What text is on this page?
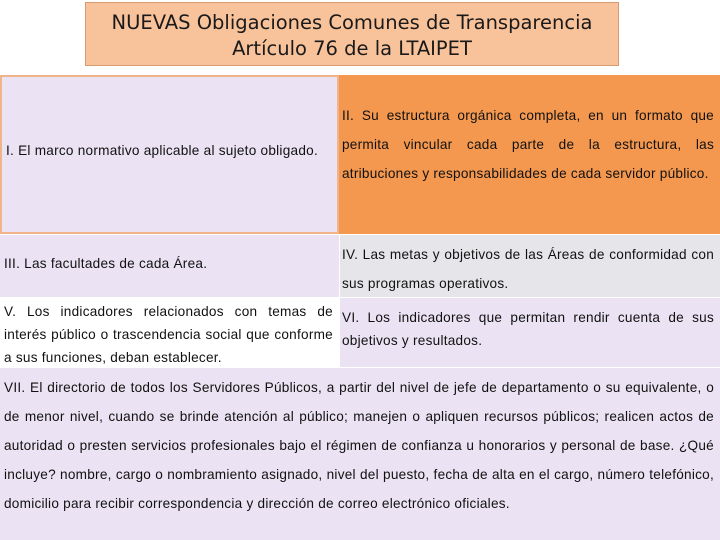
NUEVAS Obligaciones Comunes de Transparencia
Artículo 76 de la LTAIPET
I. El marco normativo aplicable al sujeto obligado.
II. Su estructura orgánica completa, en un formato que permita vincular cada parte de la estructura, las atribuciones y responsabilidades de cada servidor público.
III. Las facultades de cada Área.
IV. Las metas y objetivos de las Áreas de conformidad con sus programas operativos.
V. Los indicadores relacionados con temas de interés público o trascendencia social que conforme a sus funciones, deban establecer.
VI. Los indicadores que permitan rendir cuenta de sus objetivos y resultados.
VII. El directorio de todos los Servidores Públicos, a partir del nivel de jefe de departamento o su equivalente, o de menor nivel, cuando se brinde atención al público; manejen o apliquen recursos públicos; realicen actos de autoridad o presten servicios profesionales bajo el régimen de confianza u honorarios y personal de base. ¿Qué incluye? nombre, cargo o nombramiento asignado, nivel del puesto, fecha de alta en el cargo, número telefónico, domicilio para recibir correspondencia y dirección de correo electrónico oficiales.
